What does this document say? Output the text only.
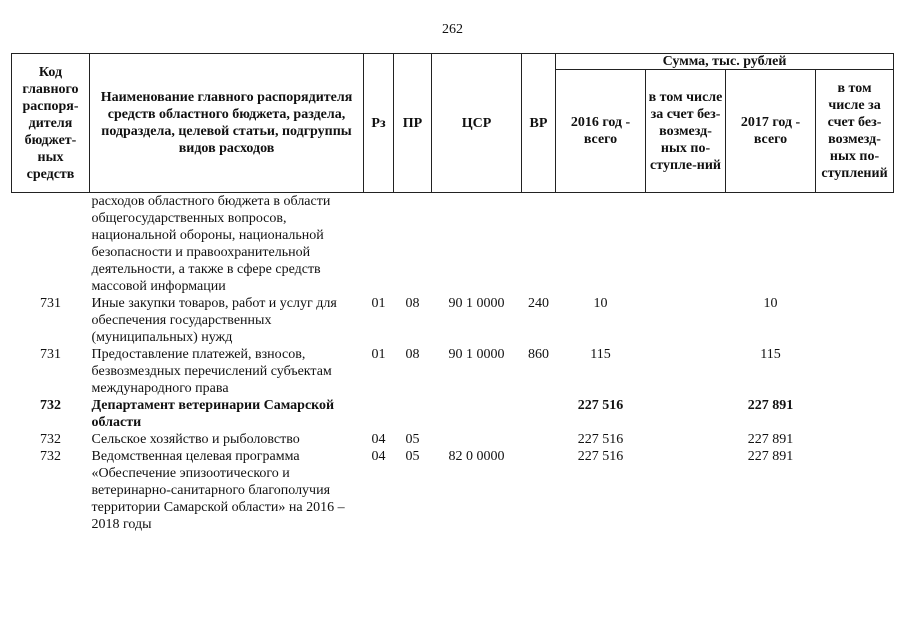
262
Код главного распоря-дителя бюджет-ных средств	Наименование главного распорядителя средств областного бюджета, раздела, подраздела, целевой статьи, подгруппы видов расходов	Рз	ПР	ЦСР	ВР	Сумма, тыс. рублей			
						2016 год - всего	в том числе за счет без-возмезд-ных по-ступле-ний	2017 год - всего	в том числе за счет без-возмезд-ных по-ступлений
	расходов областного бюджета в области общегосударственных вопросов, национальной обороны, национальной безопасности и правоохранительной деятельности, а также в сфере средств массовой информации								
731	Иные закупки товаров, работ и услуг для обеспечения государственных (муниципальных) нужд	01	08	90 1 0000	240	10		10	
731	Предоставление платежей, взносов, безвозмездных перечислений субъектам международного права	01	08	90 1 0000	860	115		115	
732	Департамент ветеринарии Самарской области					227 516		227 891	
732	Сельское хозяйство и рыболовство	04	05			227 516		227 891	
732	Ведомственная целевая программа «Обеспечение эпизоотического и ветеринарно-санитарного благополучия территории Самарской области» на 2016 –2018 годы	04	05	82 0 0000		227 516		227 891	
